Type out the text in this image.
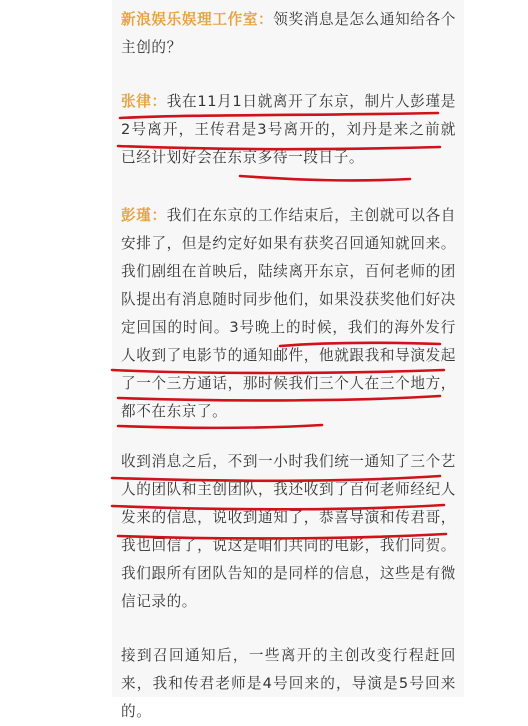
新浪娱乐娱理工作室：领奖消息是怎么通知给各个主创的？

张律：我在11月1日就离开了东京，制片人彭瑾是2号离开，王传君是3号离开的，刘丹是来之前就已经计划好会在东京多待一段日子。

彭瑾：我们在东京的工作结束后，主创就可以各自安排了，但是约定好如果有获奖召回通知就回来。我们剧组在首映后，陆续离开东京，百何老师的团队提出有消息随时同步他们，如果没获奖他们好决定回国的时间。3号晚上的时候，我们的海外发行人收到了电影节的通知邮件，他就跟我和导演发起了一个三方通话，那时候我们三个人在三个地方，都不在东京了。

收到消息之后，不到一小时我们统一通知了三个艺人的团队和主创团队，我还收到了百何老师经纪人发来的信息，说收到通知了，恭喜导演和传君哥，我也回信了，说这是咱们共同的电影，我们同贺。我们跟所有团队告知的是同样的信息，这些是有微信记录的。

接到召回通知后，一些离开的主创改变行程赶回来，我和传君老师是4号回来的，导演是5号回来的。
